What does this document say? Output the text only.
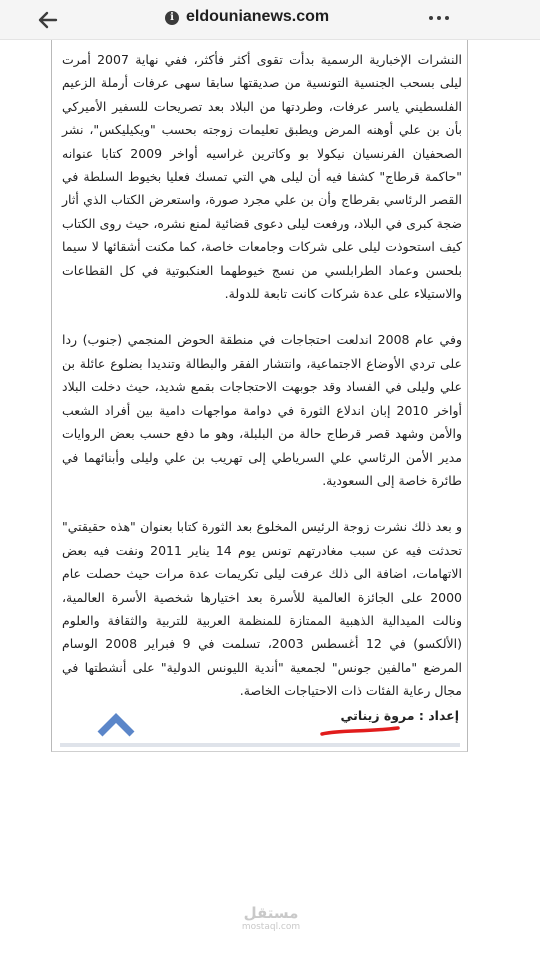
i eldounianews.com

النشرات الإخبارية الرسمية بدأت تقوى أكثر فأكثر، ففي نهاية 2007 أمرت ليلى بسحب الجنسية التونسية من صديقتها سابقا سهى عرفات أرملة الزعيم الفلسطيني ياسر عرفات، وطردتها من البلاد بعد تصريحات للسفير الأميركي بأن بن علي أوهنه المرض ويطبق تعليمات زوجته بحسب "ويكيليكس"، نشر الصحفيان الفرنسيان نيكولا بو وكاترين غراسيه أواخر 2009 كتابا عنوانه "حاكمة قرطاج" كشفا فيه أن ليلى هي التي تمسك فعليا بخيوط السلطة في القصر الرئاسي بقرطاج وأن بن علي مجرد صورة، واستعرض الكتاب الذي أثار ضجة كبرى في البلاد، ورفعت ليلى دعوى قضائية لمنع نشره، حيث روى الكتاب كيف استحوذت ليلى على شركات وجامعات خاصة، كما مكنت أشقائها لا سيما بلحسن وعماد الطرابلسي من نسج خيوطهما العنكبوتية في كل القطاعات والاستيلاء على عدة شركات كانت تابعة للدولة.

وفي عام 2008 اندلعت احتجاجات في منطقة الحوض المنجمي (جنوب) ردا على تردي الأوضاع الاجتماعية، وانتشار الفقر والبطالة وتنديدا بضلوع عائلة بن علي وليلى في الفساد وقد جوبهت الاحتجاجات بقمع شديد، حيث دخلت البلاد أواخر 2010 إبان اندلاع الثورة في دوامة مواجهات دامية بين أفراد الشعب والأمن وشهد قصر قرطاج حالة من البلبلة، وهو ما دفع حسب بعض الروايات مدير الأمن الرئاسي علي السرياطي إلى تهريب بن علي وليلى وأبنائهما في طائرة خاصة إلى السعودية.

و بعد ذلك نشرت زوجة الرئيس المخلوع بعد الثورة كتابا بعنوان "هذه حقيقتي" تحدثت فيه عن سبب مغادرتهم تونس يوم 14 يناير 2011 ونفت فيه بعض الاتهامات، اضافة الى ذلك عرفت ليلى تكريمات عدة مرات حيث حصلت عام 2000 على الجائزة العالمية للأسرة بعد اختيارها شخصية الأسرة العالمية، ونالت الميدالية الذهبية الممتازة للمنظمة العربية للتربية والثقافة والعلوم (الألكسو) في 12 أغسطس 2003، تسلمت في 9 فبراير 2008 الوسام المرضع "مالفين جونس" لجمعية "أندية الليونس الدولية" على أنشطتها في مجال رعاية الفئات ذات الاحتياجات الخاصة.

إعداد : مروة زيناتي
مستقل
mostaql.com
